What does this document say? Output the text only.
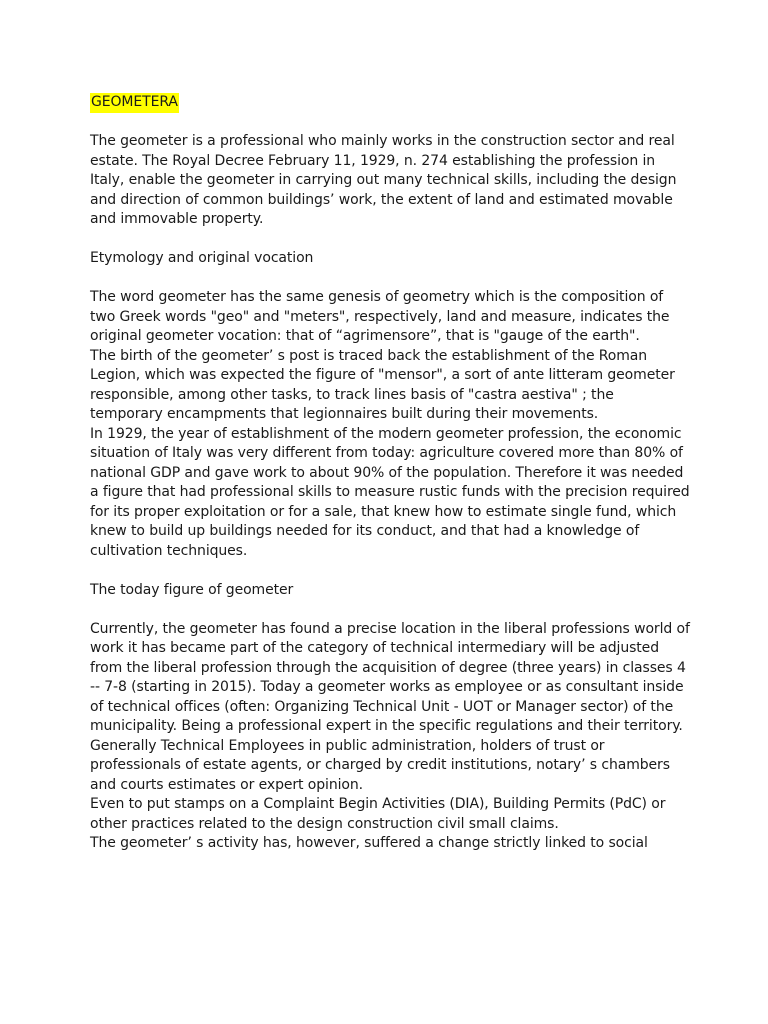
GEOMETERA

The geometer is a professional who mainly works in the construction sector and real estate. The Royal Decree February 11, 1929, n. 274 establishing the profession in Italy, enable the geometer in carrying out many technical skills, including the design and direction of common buildings’ work, the extent of land and estimated movable and immovable property.

Etymology and original vocation

The word geometer has the same genesis of geometry which is the composition of two Greek words "geo" and "meters", respectively, land and measure, indicates the original geometer vocation: that of “agrimensore”, that is "gauge of the earth".

The birth of the geometer’ s post is traced back the establishment of the Roman Legion, which was expected the figure of "mensor", a sort of ante litteram geometer responsible, among other tasks, to track lines basis of "castra aestiva" ; the temporary encampments that legionnaires built during their movements.

In 1929, the year of establishment of the modern geometer profession, the economic situation of Italy was very different from today: agriculture covered more than 80% of national GDP and gave work to about 90% of the population. Therefore it was needed a figure that had professional skills to measure rustic funds with the precision required for its proper exploitation or for a sale, that knew how to estimate single fund, which knew to build up buildings needed for its conduct, and that had a knowledge of cultivation techniques.

The today figure of geometer

Currently, the geometer has found a precise location in the liberal professions world of work it has became part of the category of technical intermediary will be adjusted from the liberal profession through the acquisition of degree (three years) in classes 4 -- 7-8 (starting in 2015). Today a geometer works as employee or as consultant inside of technical offices (often: Organizing Technical Unit - UOT or Manager sector) of the municipality. Being a professional expert in the specific regulations and their territory. Generally Technical Employees in public administration, holders of trust or professionals of estate agents, or charged by credit institutions, notary’ s chambers and courts estimates or expert opinion.

Even to put stamps on a Complaint Begin Activities (DIA), Building Permits (PdC) or other practices related to the design construction civil small claims.

The geometer’ s activity has, however, suffered a change strictly linked to social
